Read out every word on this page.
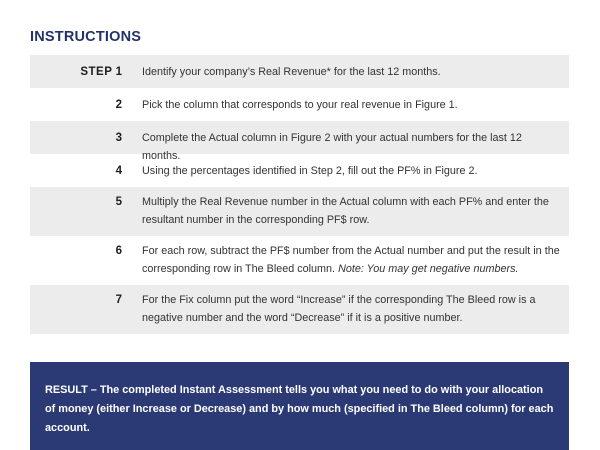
INSTRUCTIONS
STEP 1	Identify your company’s Real Revenue* for the last 12 months.
2	Pick the column that corresponds to your real revenue in Figure 1.
3	Complete the Actual column in Figure 2 with your actual numbers for the last 12 months.
4	Using the percentages identified in Step 2, fill out the PF% in Figure 2.
5	Multiply the Real Revenue number in the Actual column with each PF% and enter the resultant number in the corresponding PF$ row.
6	For each row, subtract the PF$ number from the Actual number and put the result in the corresponding row in The Bleed column. Note: You may get negative numbers.
7	For the Fix column put the word “Increase” if the corresponding The Bleed row is a negative number and the word “Decrease” if it is a positive number.
RESULT – The completed Instant Assessment tells you what you need to do with your allocation of money (either Increase or Decrease) and by how much (specified in The Bleed column) for each account.
